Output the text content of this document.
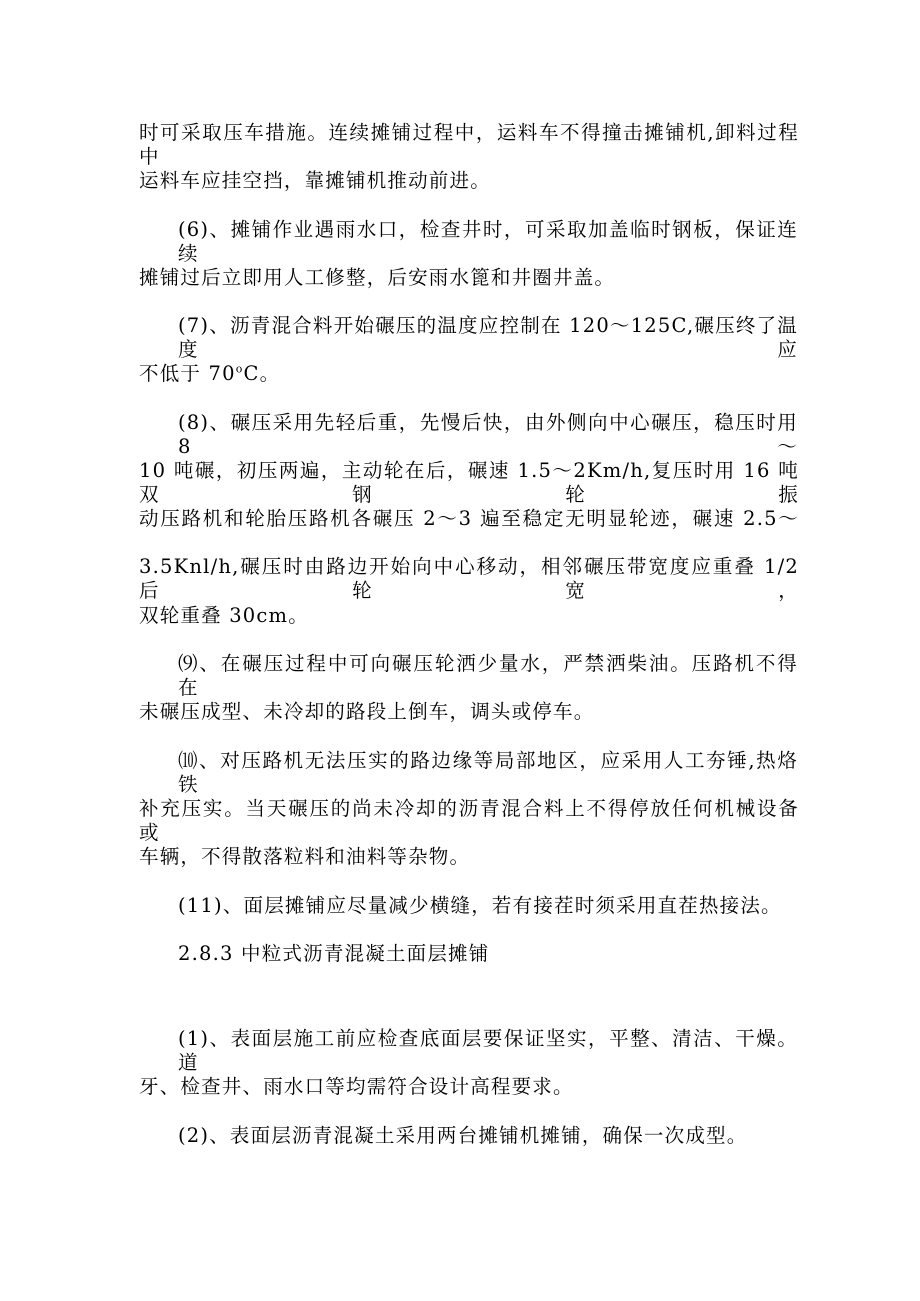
时可采取压车措施。连续摊铺过程中，运料车不得撞击摊铺机,卸料过程中
运料车应挂空挡，靠摊铺机推动前进。
(6)、摊铺作业遇雨水口，检查井时，可采取加盖临时钢板，保证连续
摊铺过后立即用人工修整，后安雨水篦和井圈井盖。
(7)、沥青混合料开始碾压的温度应控制在 120～125C,碾压终了温度应
不低于 70$^o$C。
(8)、碾压采用先轻后重，先慢后快，由外侧向中心碾压，稳压时用 8～
10 吨碾，初压两遍，主动轮在后，碾速 1.5～2Km/h,复压时用 16 吨双钢轮振
动压路机和轮胎压路机各碾压 2～3 遍至稳定无明显轮迹，碾速 2.5～
3.5Knl/h,碾压时由路边开始向中心移动，相邻碾压带宽度应重叠 1/2 后轮宽，
双轮重叠 30cm。
⑼、在碾压过程中可向碾压轮洒少量水，严禁洒柴油。压路机不得在
未碾压成型、未冷却的路段上倒车，调头或停车。
⑽、对压路机无法压实的路边缘等局部地区，应采用人工夯锤,热烙铁
补充压实。当天碾压的尚未冷却的沥青混合料上不得停放任何机械设备或
车辆，不得散落粒料和油料等杂物。
(11)、面层摊铺应尽量减少横缝，若有接茬时须采用直茬热接法。
2.8.3 中粒式沥青混凝土面层摊铺
(1)、表面层施工前应检查底面层要保证坚实，平整、清洁、干燥。道
牙、检查井、雨水口等均需符合设计高程要求。
(2)、表面层沥青混凝土采用两台摊铺机摊铺，确保一次成型。
